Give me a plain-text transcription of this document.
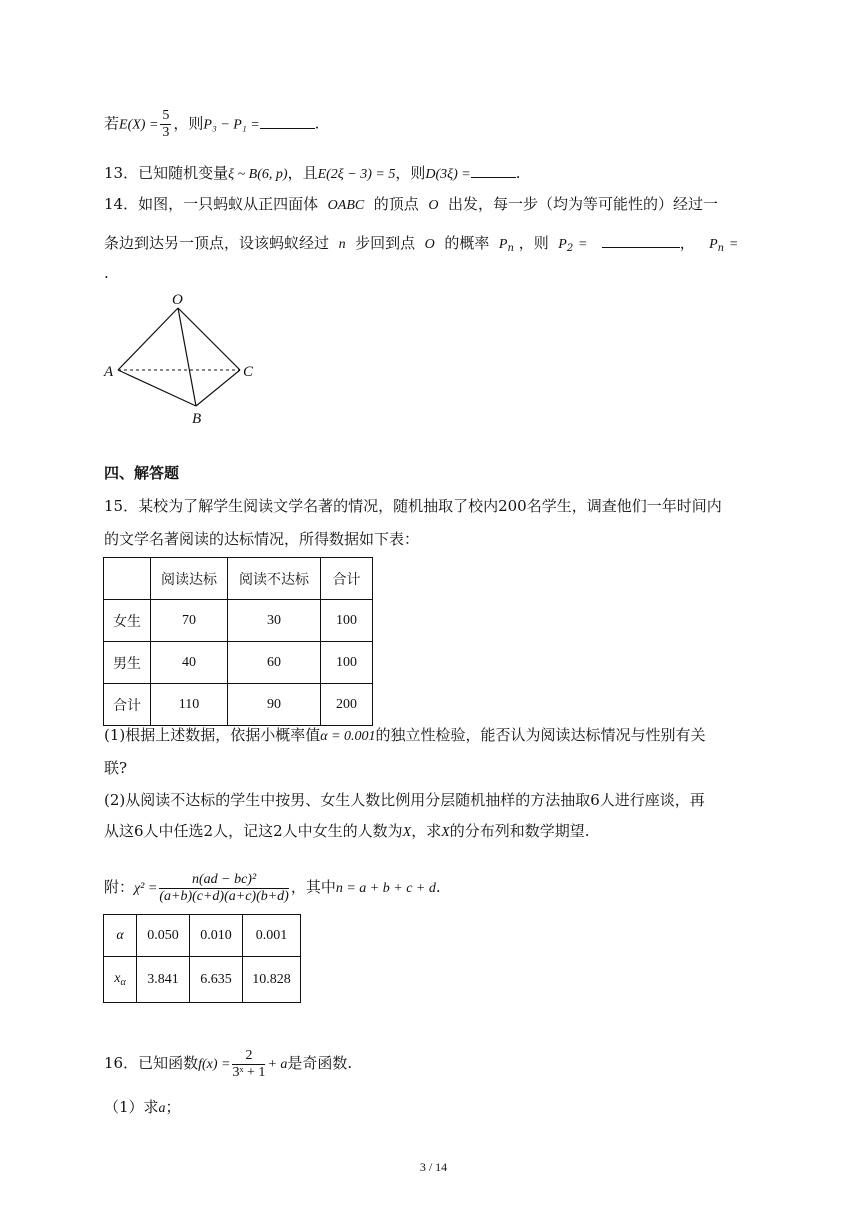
若$E(X) = \frac{5}{3}$ ，则P₃ − P₁ =	.
13．已知随机变量ξ ~ B(6, p)，且E(2ξ − 3) = 5，则D(3ξ) =	.
14．如图，一只蚂蚁从正四面体 OABC 的顶点 O 出发，每一步（均为等可能性的）经过一
条边到达另一顶点，设该蚂蚁经过 n 步回到点 O 的概率 $P_n$ ，则 $P_2$ =	， $P_n$ =
.
O
A	C
B
四、解答题
15．某校为了解学生阅读文学名著的情况，随机抽取了校内200名学生，调查他们一年时间内
的文学名著阅读的达标情况，所得数据如下表：
	阅读达标	阅读不达标	合计
女生	70	30	100
男生	40	60	100
合计	110	90	200
(1)根据上述数据，依据小概率值α = 0.001的独立性检验，能否认为阅读达标情况与性别有关
联?
(2)从阅读不达标的学生中按男、女生人数比例用分层随机抽样的方法抽取6人进行座谈，再
从这6人中任选2人，记这2人中女生的人数为X，求X的分布列和数学期望.
附：$\chi^2 = \frac{\text{n(ad − bc)²}}{(a+b)(c+d)(a+c)(b+d)}$ ，其中n = a + b + c + d.
α	0.050	0.010	0.001
$x_\alpha$	3.841	6.635	10.828
16．已知函数$f(x) = \frac{2}{\text{3ˣ + 1}} + a$是奇函数.
（1）求a；
3 / 14
